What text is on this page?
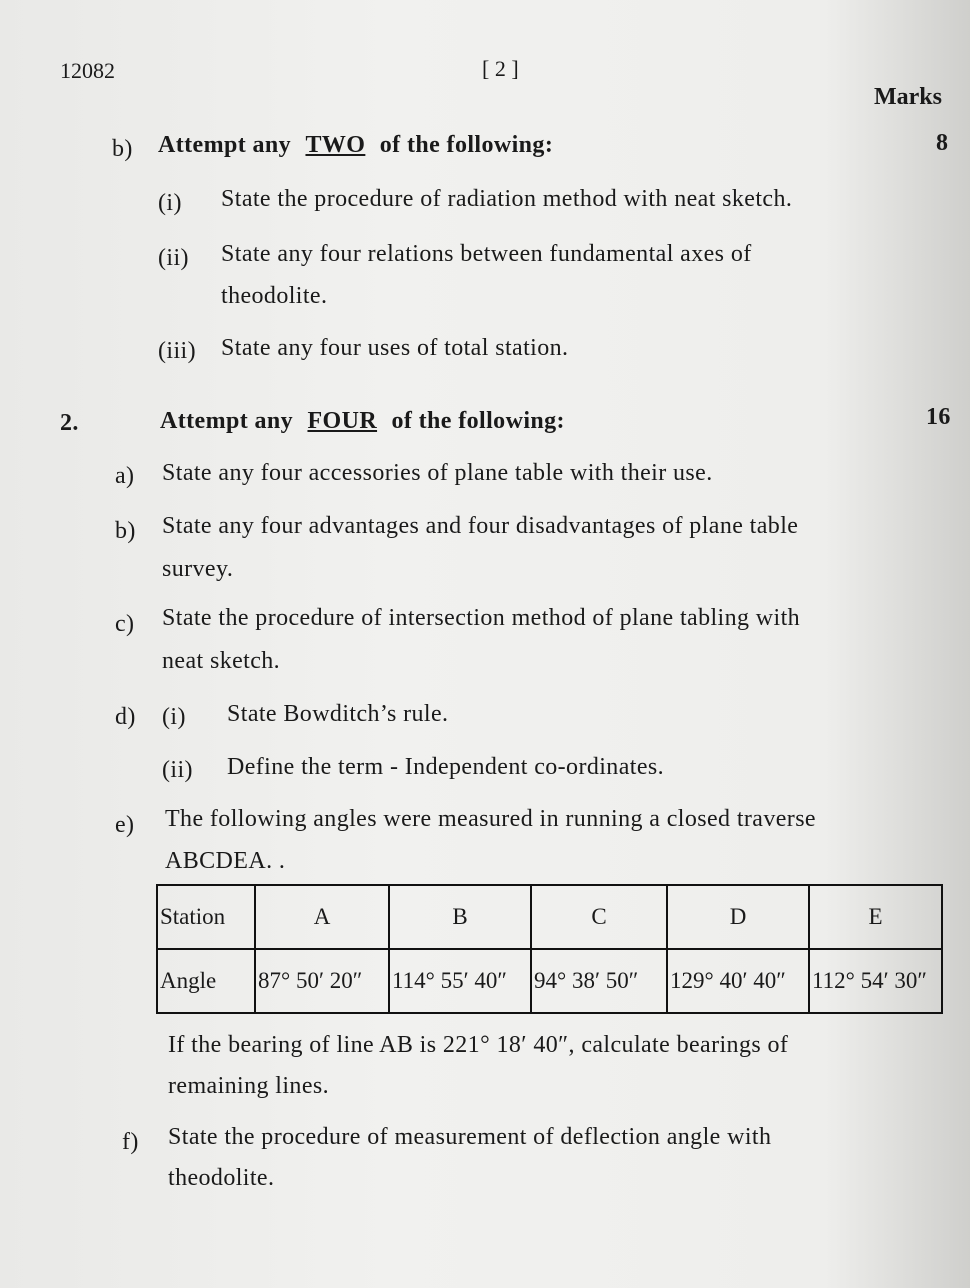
12082	[ 2 ]
Marks
b) Attempt any TWO of the following:	8
(i) State the procedure of radiation method with neat sketch.
(ii) State any four relations between fundamental axes of
theodolite.
(iii) State any four uses of total station.
2.	Attempt any FOUR of the following:	16
a) State any four accessories of plane table with their use.
b) State any four advantages and four disadvantages of plane table
survey.
c) State the procedure of intersection method of plane tabling with
neat sketch.
d) (i) State Bowditch’s rule.
(ii) Define the term - Independent co-ordinates.
e) The following angles were measured in running a closed traverse
ABCDEA. .
Station	A	B	C	D	E
Angle	87° 50′ 20″	114° 55′ 40″	94° 38′ 50″	129° 40′ 40″	112° 54′ 30″
If the bearing of line AB is 221° 18′ 40″, calculate bearings of
remaining lines.
f) State the procedure of measurement of deflection angle with
theodolite.
